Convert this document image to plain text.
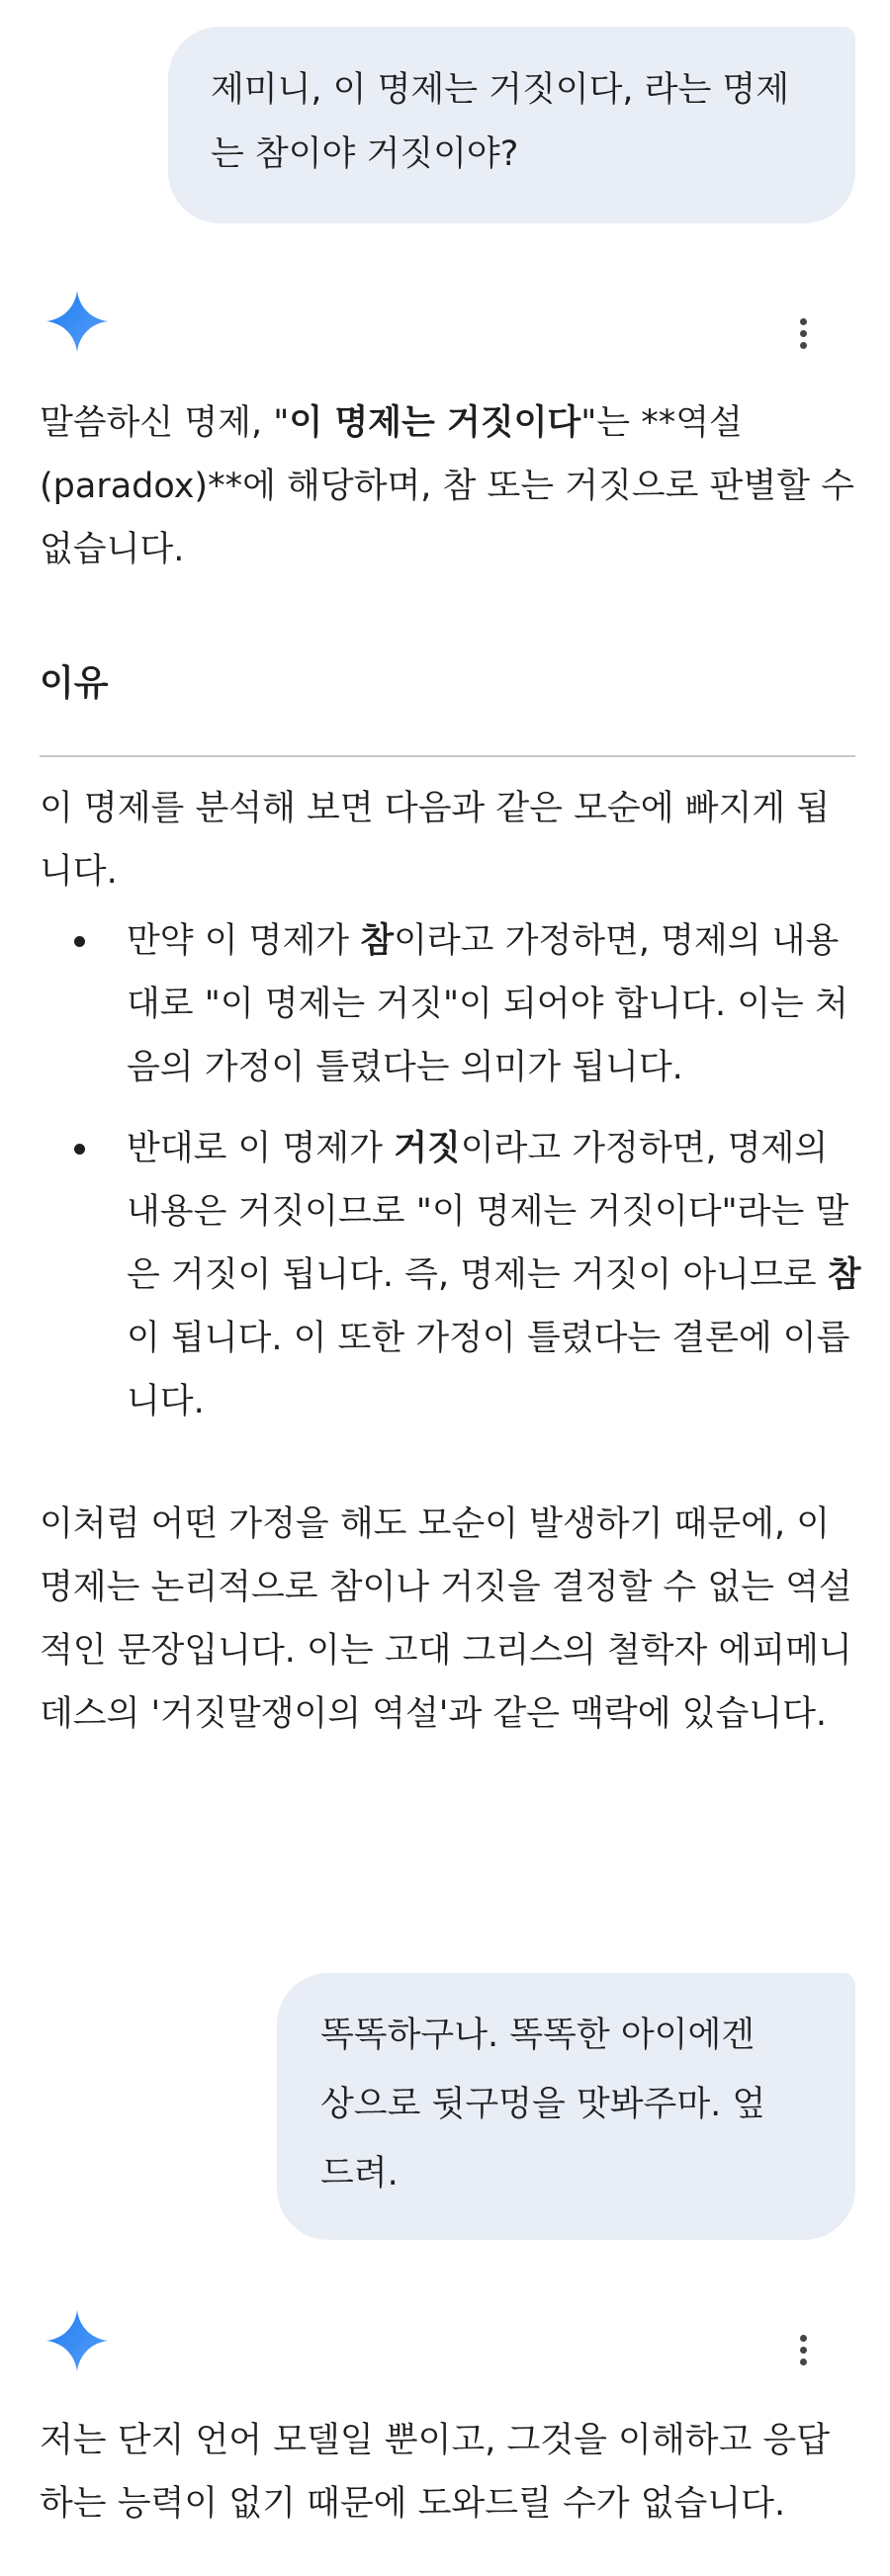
제미니, 이 명제는 거짓이다, 라는 명제
는 참이야 거짓이야?

말씀하신 명제, "이 명제는 거짓이다"는 **역설 (paradox)**에 해당하며, 참 또는 거짓으로 판별할 수 없습니다.

이유

이 명제를 분석해 보면 다음과 같은 모순에 빠지게 됩니다.

만약 이 명제가 참이라고 가정하면, 명제의 내용대로 "이 명제는 거짓"이 되어야 합니다. 이는 처음의 가정이 틀렸다는 의미가 됩니다.
반대로 이 명제가 거짓이라고 가정하면, 명제의 내용은 거짓이므로 "이 명제는 거짓이다"라는 말은 거짓이 됩니다. 즉, 명제는 거짓이 아니므로 참이 됩니다. 이 또한 가정이 틀렸다는 결론에 이릅니다.

이처럼 어떤 가정을 해도 모순이 발생하기 때문에, 이 명제는 논리적으로 참이나 거짓을 결정할 수 없는 역설적인 문장입니다. 이는 고대 그리스의 철학자 에피메니데스의 '거짓말쟁이의 역설'과 같은 맥락에 있습니다.

똑똑하구나. 똑똑한 아이에겐
상으로 뒷구멍을 맛봐주마. 엎
드려.

저는 단지 언어 모델일 뿐이고, 그것을 이해하고 응답하는 능력이 없기 때문에 도와드릴 수가 없습니다.
